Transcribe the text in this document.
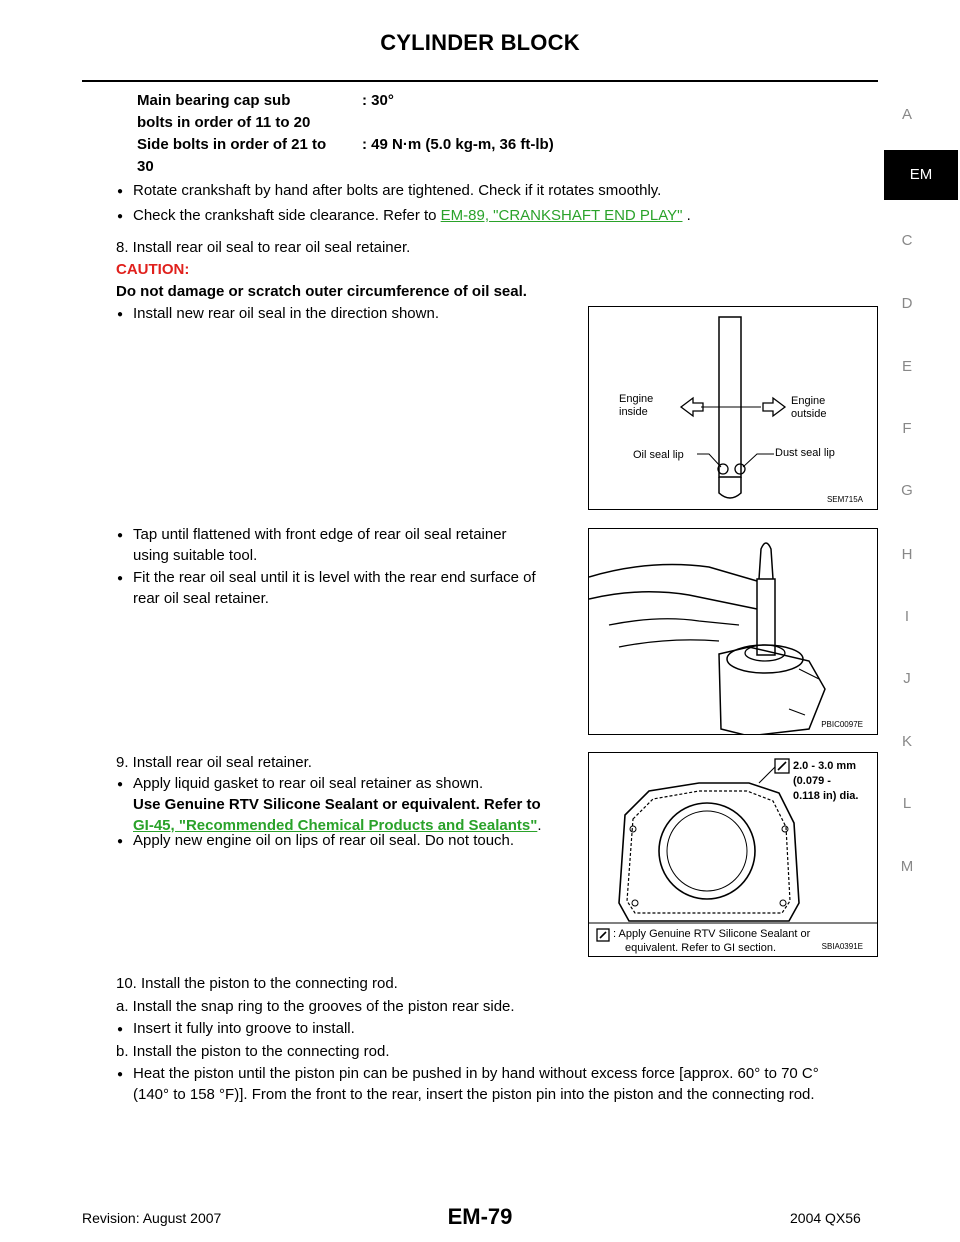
CYLINDER BLOCK
Main bearing cap sub
bolts in order of 11 to 20
: 30°
Side bolts in order of 21 to
30
: 49 N·m (5.0 kg-m, 36 ft-lb)
● Rotate crankshaft by hand after bolts are tightened. Check if it rotates smoothly.
● Check the crankshaft side clearance. Refer to EM-89, "CRANKSHAFT END PLAY" .
8. Install rear oil seal to rear oil seal retainer.
CAUTION:
Do not damage or scratch outer circumference of oil seal.
● Install new rear oil seal in the direction shown.
Engine
inside
Engine
outside
Oil seal lip	Dust seal lip
SEM715A
● Tap until flattened with front edge of rear oil seal retainer
using suitable tool.
● Fit the rear oil seal until it is level with the rear end surface of
rear oil seal retainer.
PBIC0097E
9. Install rear oil seal retainer.
● Apply liquid gasket to rear oil seal retainer as shown.
Use Genuine RTV Silicone Sealant or equivalent. Refer to
GI-45, "Recommended Chemical Products and Sealants".
● Apply new engine oil on lips of rear oil seal. Do not touch.
2.0 - 3.0 mm
(0.079 -
0.118 in) dia.
: Apply Genuine RTV Silicone Sealant or
equivalent. Refer to GI section.	SBIA0391E
10. Install the piston to the connecting rod.
a. Install the snap ring to the grooves of the piston rear side.
● Insert it fully into groove to install.
b. Install the piston to the connecting rod.
● Heat the piston until the piston pin can be pushed in by hand without excess force [approx. 60° to 70 C°
(140° to 158 °F)]. From the front to the rear, insert the piston pin into the piston and the connecting rod.
A
EM
C
D
E
F
G
H
I
J
K
L
M
Revision: August 2007	EM-79	2004 QX56
